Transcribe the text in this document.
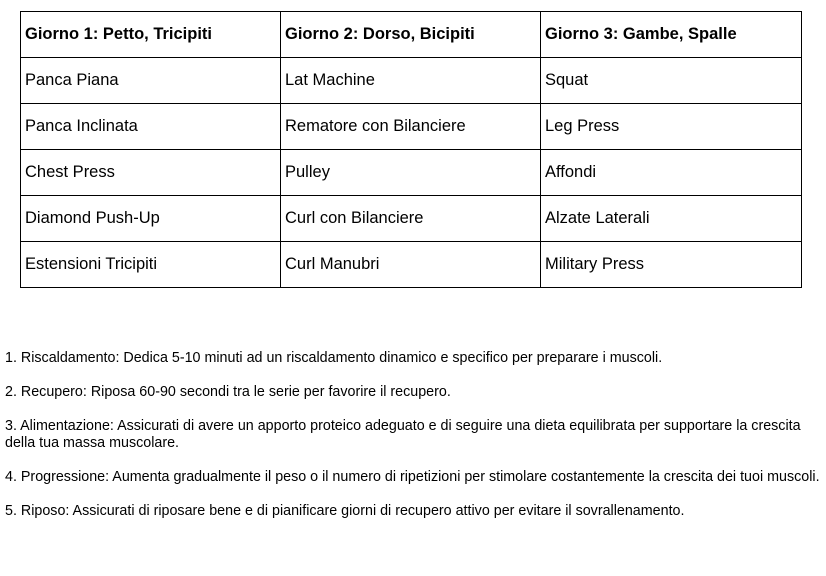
Giorno 1: Petto, Tricipiti	Giorno 2: Dorso, Bicipiti	Giorno 3: Gambe, Spalle
Panca Piana	Lat Machine	Squat
Panca Inclinata	Rematore con Bilanciere	Leg Press
Chest Press	Pulley	Affondi
Diamond Push-Up	Curl con Bilanciere	Alzate Laterali
Estensioni Tricipiti	Curl Manubri	Military Press
1. Riscaldamento: Dedica 5-10 minuti ad un riscaldamento dinamico e specifico per preparare i muscoli.
2. Recupero: Riposa 60-90 secondi tra le serie per favorire il recupero.
3. Alimentazione: Assicurati di avere un apporto proteico adeguato e di seguire una dieta equilibrata per supportare la crescita della tua massa muscolare.
4. Progressione: Aumenta gradualmente il peso o il numero di ripetizioni per stimolare costantemente la crescita dei tuoi muscoli.
5. Riposo: Assicurati di riposare bene e di pianificare giorni di recupero attivo per evitare il sovrallenamento.
